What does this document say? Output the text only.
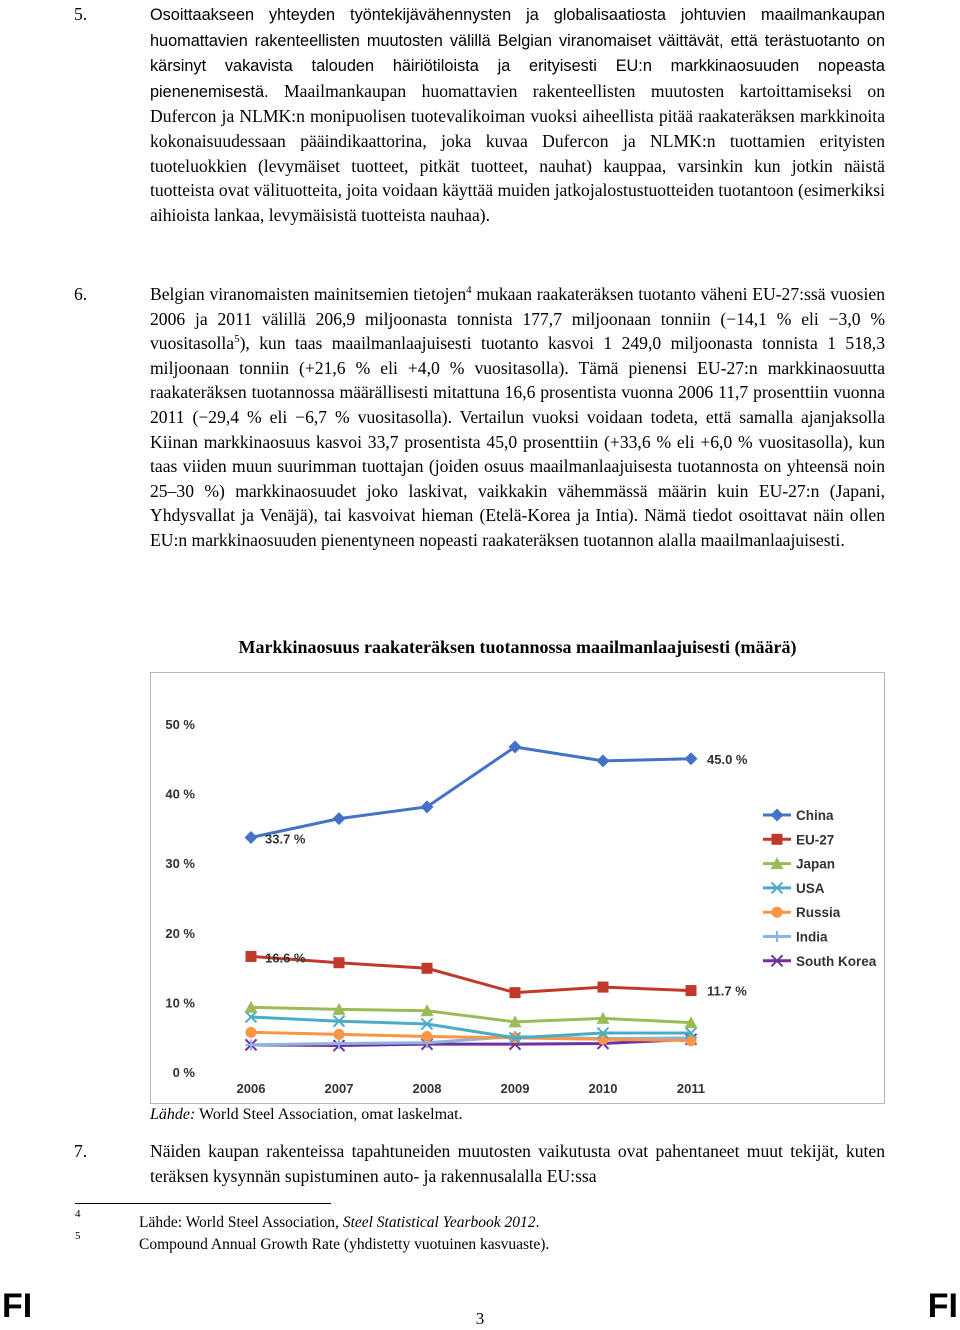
5.	Osoittaakseen yhteyden työntekijävähennysten ja globalisaatiosta johtuvien maailmankaupan huomattavien rakenteellisten muutosten välillä Belgian viranomaiset väittävät, että terästuotanto on kärsinyt vakavista talouden häiriötiloista ja erityisesti EU:n markkinaosuuden nopeasta pienenemisestä. Maailmankaupan huomattavien rakenteellisten muutosten kartoittamiseksi on Dufercon ja NLMK:n monipuolisen tuotevalikoiman vuoksi aiheellista pitää raakateräksen markkinoita kokonaisuudessaan pääindikaattorina, joka kuvaa Dufercon ja NLMK:n tuottamien erityisten tuoteluokkien (levymäiset tuotteet, pitkät tuotteet, nauhat) kauppaa, varsinkin kun jotkin näistä tuotteista ovat välituotteita, joita voidaan käyttää muiden jatkojalostustuotteiden tuotantoon (esimerkiksi aihioista lankaa, levymäisistä tuotteista nauhaa).
6.	Belgian viranomaisten mainitsemien tietojen$^4$ mukaan raakateräksen tuotanto väheni EU-27:ssä vuosien 2006 ja 2011 välillä 206,9 miljoonasta tonnista 177,7 miljoonaan tonniin (−14,1 % eli −3,0 % vuositasolla$^5$), kun taas maailmanlaajuisesti tuotanto kasvoi 1 249,0 miljoonasta tonnista 1 518,3 miljoonaan tonniin (+21,6 % eli +4,0 % vuositasolla). Tämä pienensi EU-27:n markkinaosuutta raakateräksen tuotannossa määrällisesti mitattuna 16,6 prosentista vuonna 2006 11,7 prosenttiin vuonna 2011 (−29,4 % eli −6,7 % vuositasolla). Vertailun vuoksi voidaan todeta, että samalla ajanjaksolla Kiinan markkinaosuus kasvoi 33,7 prosentista 45,0 prosenttiin (+33,6 % eli +6,0 % vuositasolla), kun taas viiden muun suurimman tuottajan (joiden osuus maailmanlaajuisesta tuotannosta on yhteensä noin 25–30 %) markkinaosuudet joko laskivat, vaikkakin vähemmässä määrin kuin EU-27:n (Japani, Yhdysvallat ja Venäjä), tai kasvoivat hieman (Etelä-Korea ja Intia). Nämä tiedot osoittavat näin ollen EU:n markkinaosuuden pienentyneen nopeasti raakateräksen tuotannon alalla maailmanlaajuisesti.
Markkinaosuus raakateräksen tuotannossa maailmanlaajuisesti (määrä)
0 %
10 %
20 %
30 %
40 %
50 %
2006	2007	2008	2009	2010	2011
33.7 %
45.0 %
16.6 %
11.7 %
China
EU-27
Japan
USA
Russia
India
South Korea
Lähde: World Steel Association, omat laskelmat.
7.	Näiden kaupan rakenteissa tapahtuneiden muutosten vaikutusta ovat pahentaneet muut tekijät, kuten teräksen kysynnän supistuminen auto- ja rakennusalalla EU:ssa
4	Lähde: World Steel Association, Steel Statistical Yearbook 2012.
5	Compound Annual Growth Rate (yhdistetty vuotuinen kasvuaste).
FI	3	FI
